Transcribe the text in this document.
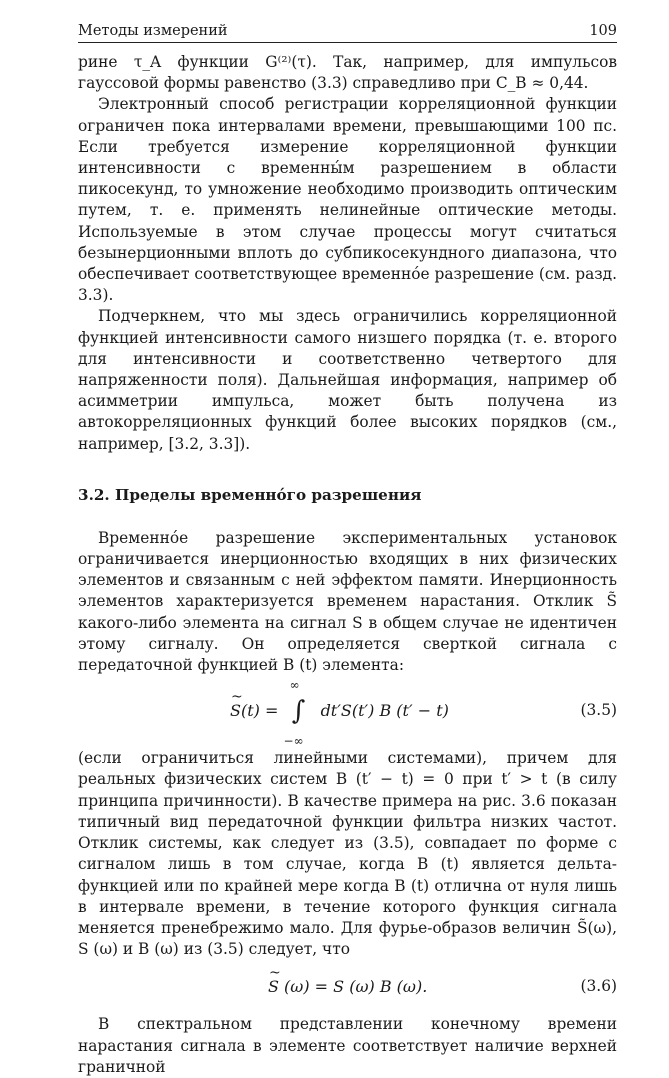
Методы измерений	109

рине τ_A функции G⁽²⁾(τ). Так, например, для импульсов гауссовой формы равенство (3.3) справедливо при C_B ≈ 0,44.

Электронный способ регистрации корреляционной функции ограничен пока интервалами времени, превышающими 100 пс. Если требуется измерение корреляционной функции интенсивности с временны́м разрешением в области пикосекунд, то умножение необходимо производить оптическим путем, т. е. применять нелинейные оптические методы. Используемые в этом случае процессы могут считаться безынерционными вплоть до субпикосекундного диапазона, что обеспечивает соответствующее временно́е разрешение (см. разд. 3.3).

Подчеркнем, что мы здесь ограничились корреляционной функцией интенсивности самого низшего порядка (т. е. второго для интенсивности и соответственно четвертого для напряженности поля). Дальнейшая информация, например об асимметрии импульса, может быть получена из автокорреляционных функций более высоких порядков (см., например, [3.2, 3.3]).

3.2. Пределы временно́го разрешения

Временно́е разрешение экспериментальных установок ограничивается инерционностью входящих в них физических элементов и связанным с ней эффектом памяти. Инерционность элементов характеризуется временем нарастания. Отклик S̃ какого-либо элемента на сигнал S в общем случае не идентичен этому сигналу. Он определяется сверткой сигнала с передаточной функцией B (t) элемента:

~ S(t) = ∫
∞
−∞
dt′S(t′) B (t′ − t)	(3.5)

(если ограничиться линейными системами), причем для реальных физических систем B (t′ − t) = 0 при t′ > t (в силу принципа причинности). В качестве примера на рис. 3.6 показан типичный вид передаточной функции фильтра низких частот. Отклик системы, как следует из (3.5), совпадает по форме с сигналом лишь в том случае, когда B (t) является дельта-функцией или по крайней мере когда B (t) отлична от нуля лишь в интервале времени, в течение которого функция сигнала меняется пренебрежимо мало. Для фурье-образов величин S̃(ω), S (ω) и B (ω) из (3.5) следует, что

~ S (ω) = S (ω) B (ω).	(3.6)

В спектральном представлении конечному времени нарастания сигнала в элементе соответствует наличие верхней граничной
